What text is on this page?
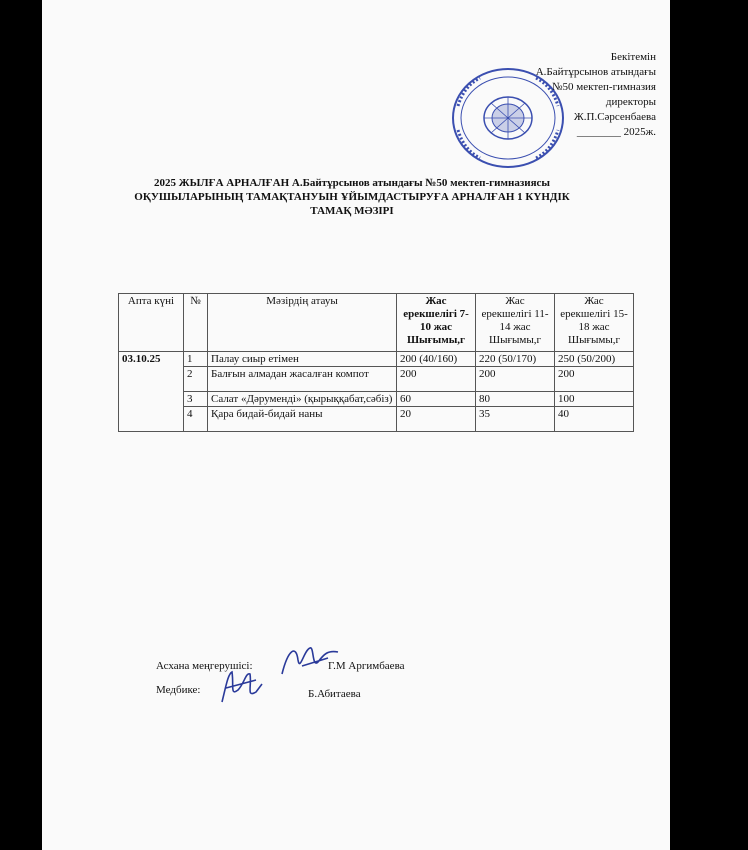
Бекітемін
А.Байтұрсынов атындағы
№50 мектеп-гимназия
директоры
Ж.П.Сәрсенбаева
________ 2025ж.
2025 ЖЫЛҒА АРНАЛҒАН А.Байтұрсынов атындағы №50 мектеп-гимназиясы
ОҚУШЫЛАРЫНЫҢ ТАМАҚТАНУЫН ҰЙЫМДАСТЫРУҒА АРНАЛҒАН 1 КҮНДІК
ТАМАҚ МӘЗІРІ
Апта күні	№	Мәзірдің атауы	Жас ерекшелігі 7-10 жас Шығымы,г	Жас ерекшелігі 11-14 жас Шығымы,г	Жас ерекшелігі 15-18 жас Шығымы,г
03.10.25	1	Палау сиыр етімен	200 (40/160)	220 (50/170)	250 (50/200)
	2	Балғын алмадан жасалған компот	200	200	200
	3	Салат «Дәрумендi» (қырыққабат,сәбіз)	60	80	100
	4	Қара бидай-бидай наны	20	35	40
Асхана меңгерушісі:	Г.М Аргимбаева
Медбике:	Б.Абитаева
